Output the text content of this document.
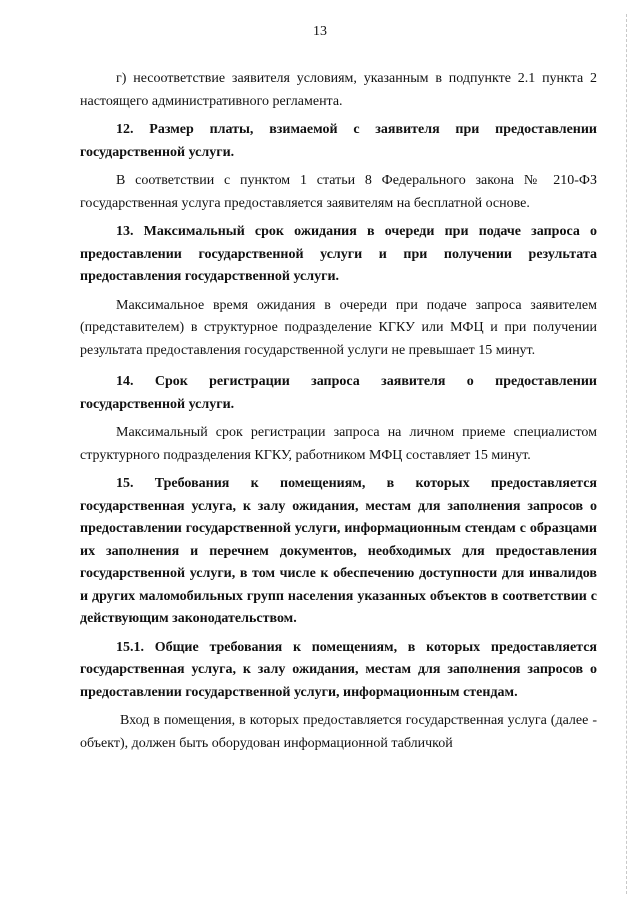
13

г) несоответствие заявителя условиям, указанным в подпункте 2.1 пункта 2 настоящего административного регламента.

12. Размер платы, взимаемой с заявителя при предоставлении государственной услуги.

В соответствии с пунктом 1 статьи 8 Федерального закона № 210-ФЗ государственная услуга предоставляется заявителям на бесплатной основе.

13. Максимальный срок ожидания в очереди при подаче запроса о предоставлении государственной услуги и при получении результата предоставления государственной услуги.

Максимальное время ожидания в очереди при подаче запроса заявителем (представителем) в структурное подразделение КГКУ или МФЦ и при получении результата предоставления государственной услуги не превышает 15 минут.

14. Срок регистрации запроса заявителя о предоставлении государственной услуги.

Максимальный срок регистрации запроса на личном приеме специалистом структурного подразделения КГКУ, работником МФЦ составляет 15 минут.

15. Требования к помещениям, в которых предоставляется государственная услуга, к залу ожидания, местам для заполнения запросов о предоставлении государственной услуги, информационным стендам с образцами их заполнения и перечнем документов, необходимых для предоставления государственной услуги, в том числе к обеспечению доступности для инвалидов и других маломобильных групп населения указанных объектов в соответствии с действующим законодательством.

15.1. Общие требования к помещениям, в которых предоставляется государственная услуга, к залу ожидания, местам для заполнения запросов о предоставлении государственной услуги, информационным стендам.

Вход в помещения, в которых предоставляется государственная услуга (далее - объект), должен быть оборудован информационной табличкой
